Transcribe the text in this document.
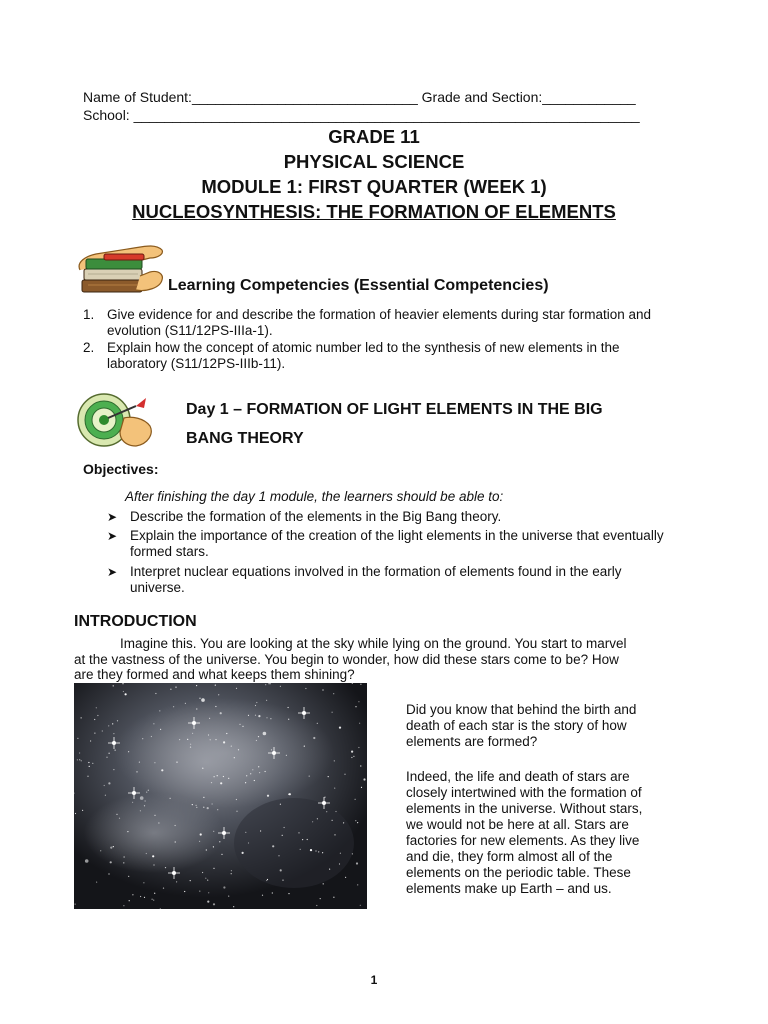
Name of Student:_____________________________ Grade and Section:____________
School: _________________________________________________________________
GRADE 11
PHYSICAL SCIENCE
MODULE 1: FIRST QUARTER (WEEK 1)
NUCLEOSYNTHESIS: THE FORMATION OF ELEMENTS
Learning Competencies (Essential Competencies)
1. Give evidence for and describe the formation of heavier elements during star formation and evolution (S11/12PS-IIIa-1).
2. Explain how the concept of atomic number led to the synthesis of new elements in the laboratory (S11/12PS-IIIb-11).
Day 1 – FORMATION OF LIGHT ELEMENTS IN THE BIG
BANG THEORY
Objectives:
After finishing the day 1 module, the learners should be able to:
➤ Describe the formation of the elements in the Big Bang theory.
➤ Explain the importance of the creation of the light elements in the universe that eventually formed stars.
➤ Interpret nuclear equations involved in the formation of elements found in the early universe.
INTRODUCTION
Imagine this. You are looking at the sky while lying on the ground. You start to marvel
at the vastness of the universe. You begin to wonder, how did these stars come to be? How
are they formed and what keeps them shining?
Did you know that behind the birth and death of each star is the story of how elements are formed?
Indeed, the life and death of stars are closely intertwined with the formation of elements in the universe. Without stars, we would not be here at all. Stars are factories for new elements. As they live and die, they form almost all of the elements on the periodic table. These elements make up Earth – and us.
1
